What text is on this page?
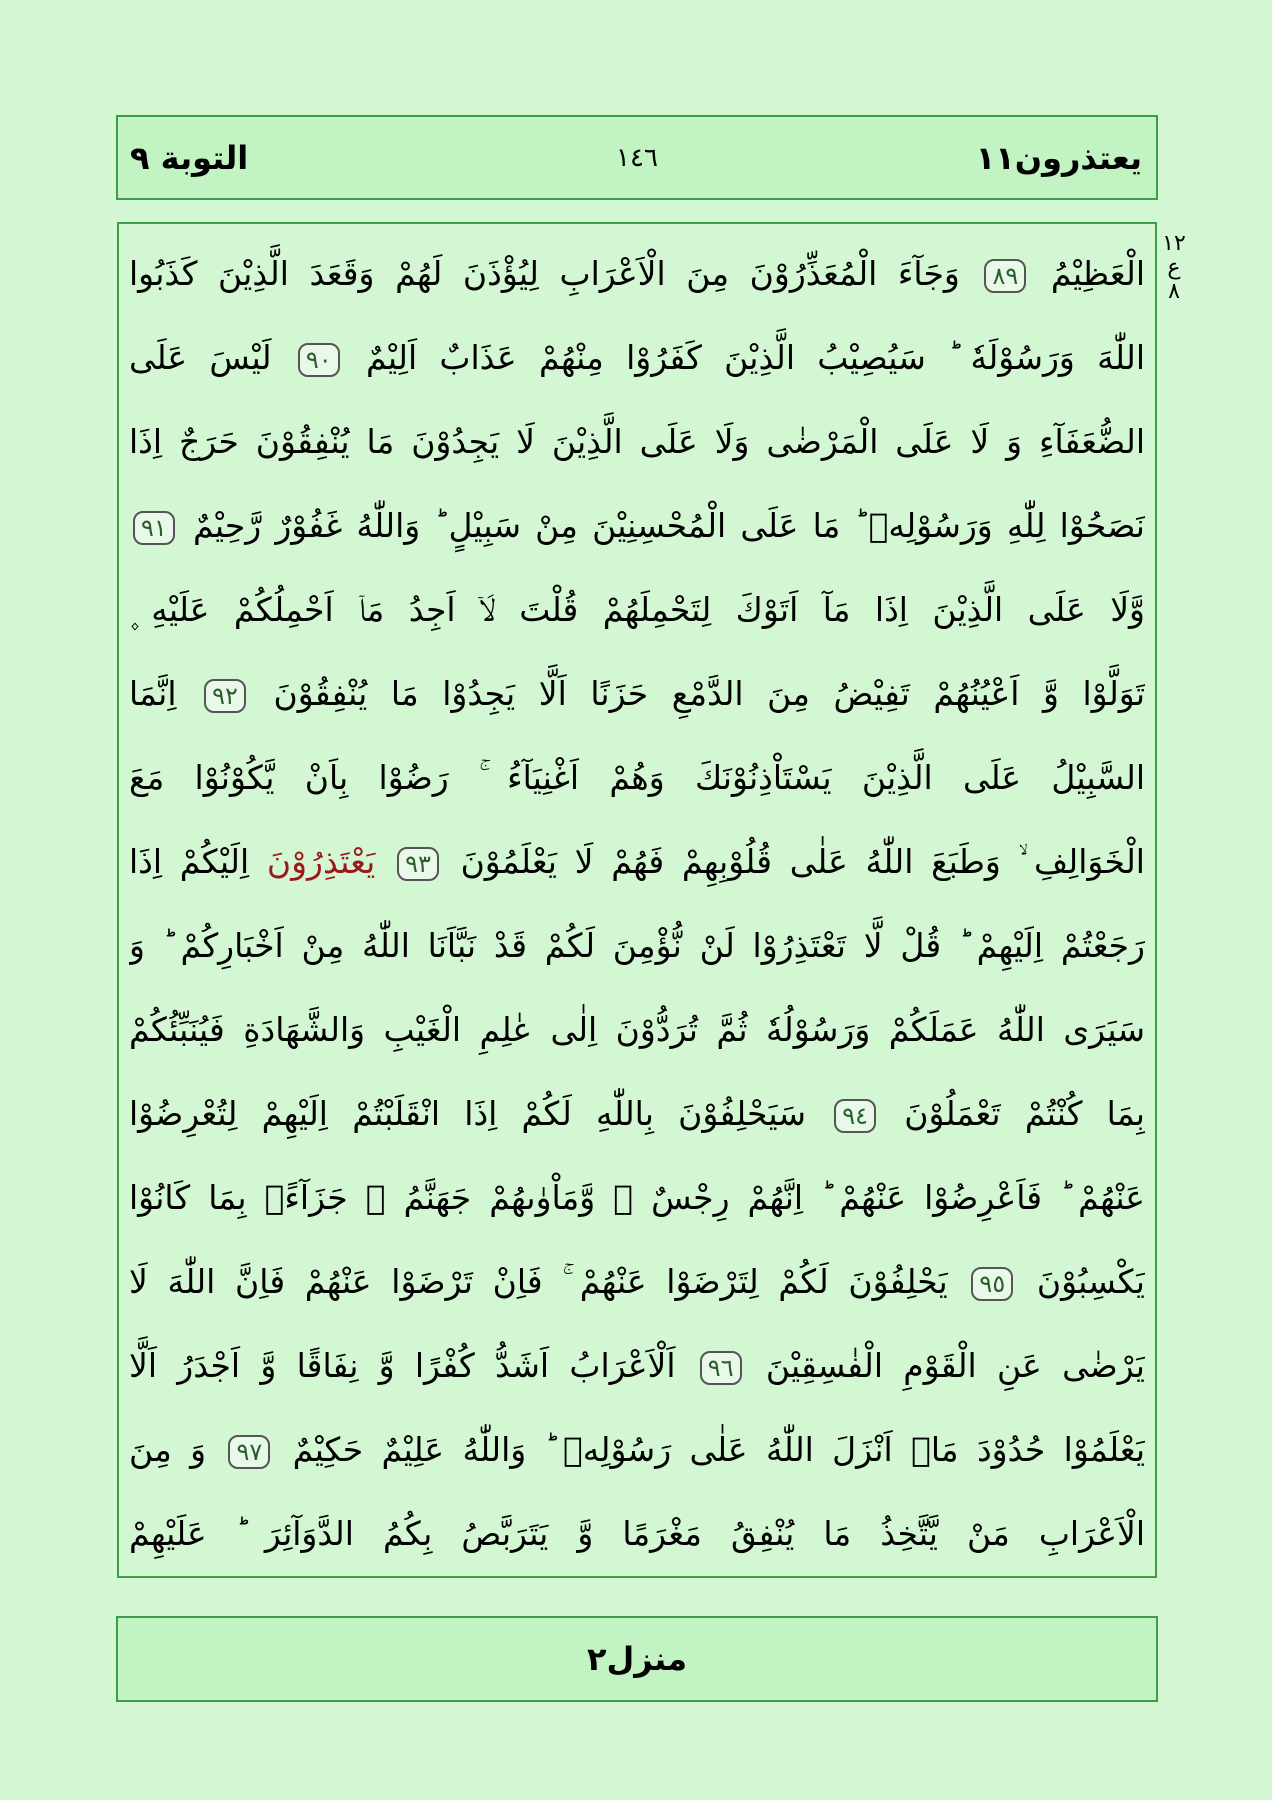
يعتذرون١١
١٤٦
التوبة ٩
١٢
ع
٨
الْعَظِيْمُ ٨٩ وَجَآءَ الْمُعَذِّرُوْنَ مِنَ الْاَعْرَابِ لِيُؤْذَنَ لَهُمْ وَقَعَدَ الَّذِيْنَ كَذَبُوا
اللّٰهَ وَرَسُوْلَهٗ ؕ سَيُصِيْبُ الَّذِيْنَ كَفَرُوْا مِنْهُمْ عَذَابٌ اَلِيْمٌ ٩٠ لَيْسَ عَلَى
الضُّعَفَآءِ وَ لَا عَلَى الْمَرْضٰى وَلَا عَلَى الَّذِيْنَ لَا يَجِدُوْنَ مَا يُنْفِقُوْنَ حَرَجٌ اِذَا
نَصَحُوْا لِلّٰهِ وَرَسُوْلِهٖ ؕ مَا عَلَى الْمُحْسِنِيْنَ مِنْ سَبِيْلٍ ؕ وَاللّٰهُ غَفُوْرٌ رَّحِيْمٌ ٩١
وَّلَا عَلَى الَّذِيْنَ اِذَا مَآ اَتَوْكَ لِتَحْمِلَهُمْ قُلْتَ لَاۤ اَجِدُ مَاۤ اَحْمِلُكُمْ عَلَيْهِ ۪
تَوَلَّوْا وَّ اَعْيُنُهُمْ تَفِيْضُ مِنَ الدَّمْعِ حَزَنًا اَلَّا يَجِدُوْا مَا يُنْفِقُوْنَ ٩٢ اِنَّمَا
السَّبِيْلُ عَلَى الَّذِيْنَ يَسْتَاْذِنُوْنَكَ وَهُمْ اَغْنِيَآءُ ۚ رَضُوْا بِاَنْ يَّكُوْنُوْا مَعَ
الْخَوَالِفِ ۙ وَطَبَعَ اللّٰهُ عَلٰى قُلُوْبِهِمْ فَهُمْ لَا يَعْلَمُوْنَ ٩٣ يَعْتَذِرُوْنَ اِلَيْكُمْ اِذَا
رَجَعْتُمْ اِلَيْهِمْ ؕ قُلْ لَّا تَعْتَذِرُوْا لَنْ نُّؤْمِنَ لَكُمْ قَدْ نَبَّاَنَا اللّٰهُ مِنْ اَخْبَارِكُمْ ؕ وَ
سَيَرَى اللّٰهُ عَمَلَكُمْ وَرَسُوْلُهٗ ثُمَّ تُرَدُّوْنَ اِلٰى عٰلِمِ الْغَيْبِ وَالشَّهَادَةِ فَيُنَبِّئُكُمْ
بِمَا كُنْتُمْ تَعْمَلُوْنَ ٩٤ سَيَحْلِفُوْنَ بِاللّٰهِ لَكُمْ اِذَا انْقَلَبْتُمْ اِلَيْهِمْ لِتُعْرِضُوْا
عَنْهُمْ ؕ فَاَعْرِضُوْا عَنْهُمْ ؕ اِنَّهُمْ رِجْسٌ ۫ وَّمَاْوٰىهُمْ جَهَنَّمُ ۚ جَزَآءًۢ بِمَا كَانُوْا
يَكْسِبُوْنَ ٩٥ يَحْلِفُوْنَ لَكُمْ لِتَرْضَوْا عَنْهُمْ ۚ فَاِنْ تَرْضَوْا عَنْهُمْ فَاِنَّ اللّٰهَ لَا
يَرْضٰى عَنِ الْقَوْمِ الْفٰسِقِيْنَ ٩٦ اَلْاَعْرَابُ اَشَدُّ كُفْرًا وَّ نِفَاقًا وَّ اَجْدَرُ اَلَّا
يَعْلَمُوْا حُدُوْدَ مَاۤ اَنْزَلَ اللّٰهُ عَلٰى رَسُوْلِهٖ ؕ وَاللّٰهُ عَلِيْمٌ حَكِيْمٌ ٩٧ وَ مِنَ
الْاَعْرَابِ مَنْ يَّتَّخِذُ مَا يُنْفِقُ مَغْرَمًا وَّ يَتَرَبَّصُ بِكُمُ الدَّوَآئِرَ ؕ عَلَيْهِمْ
منزل٢
